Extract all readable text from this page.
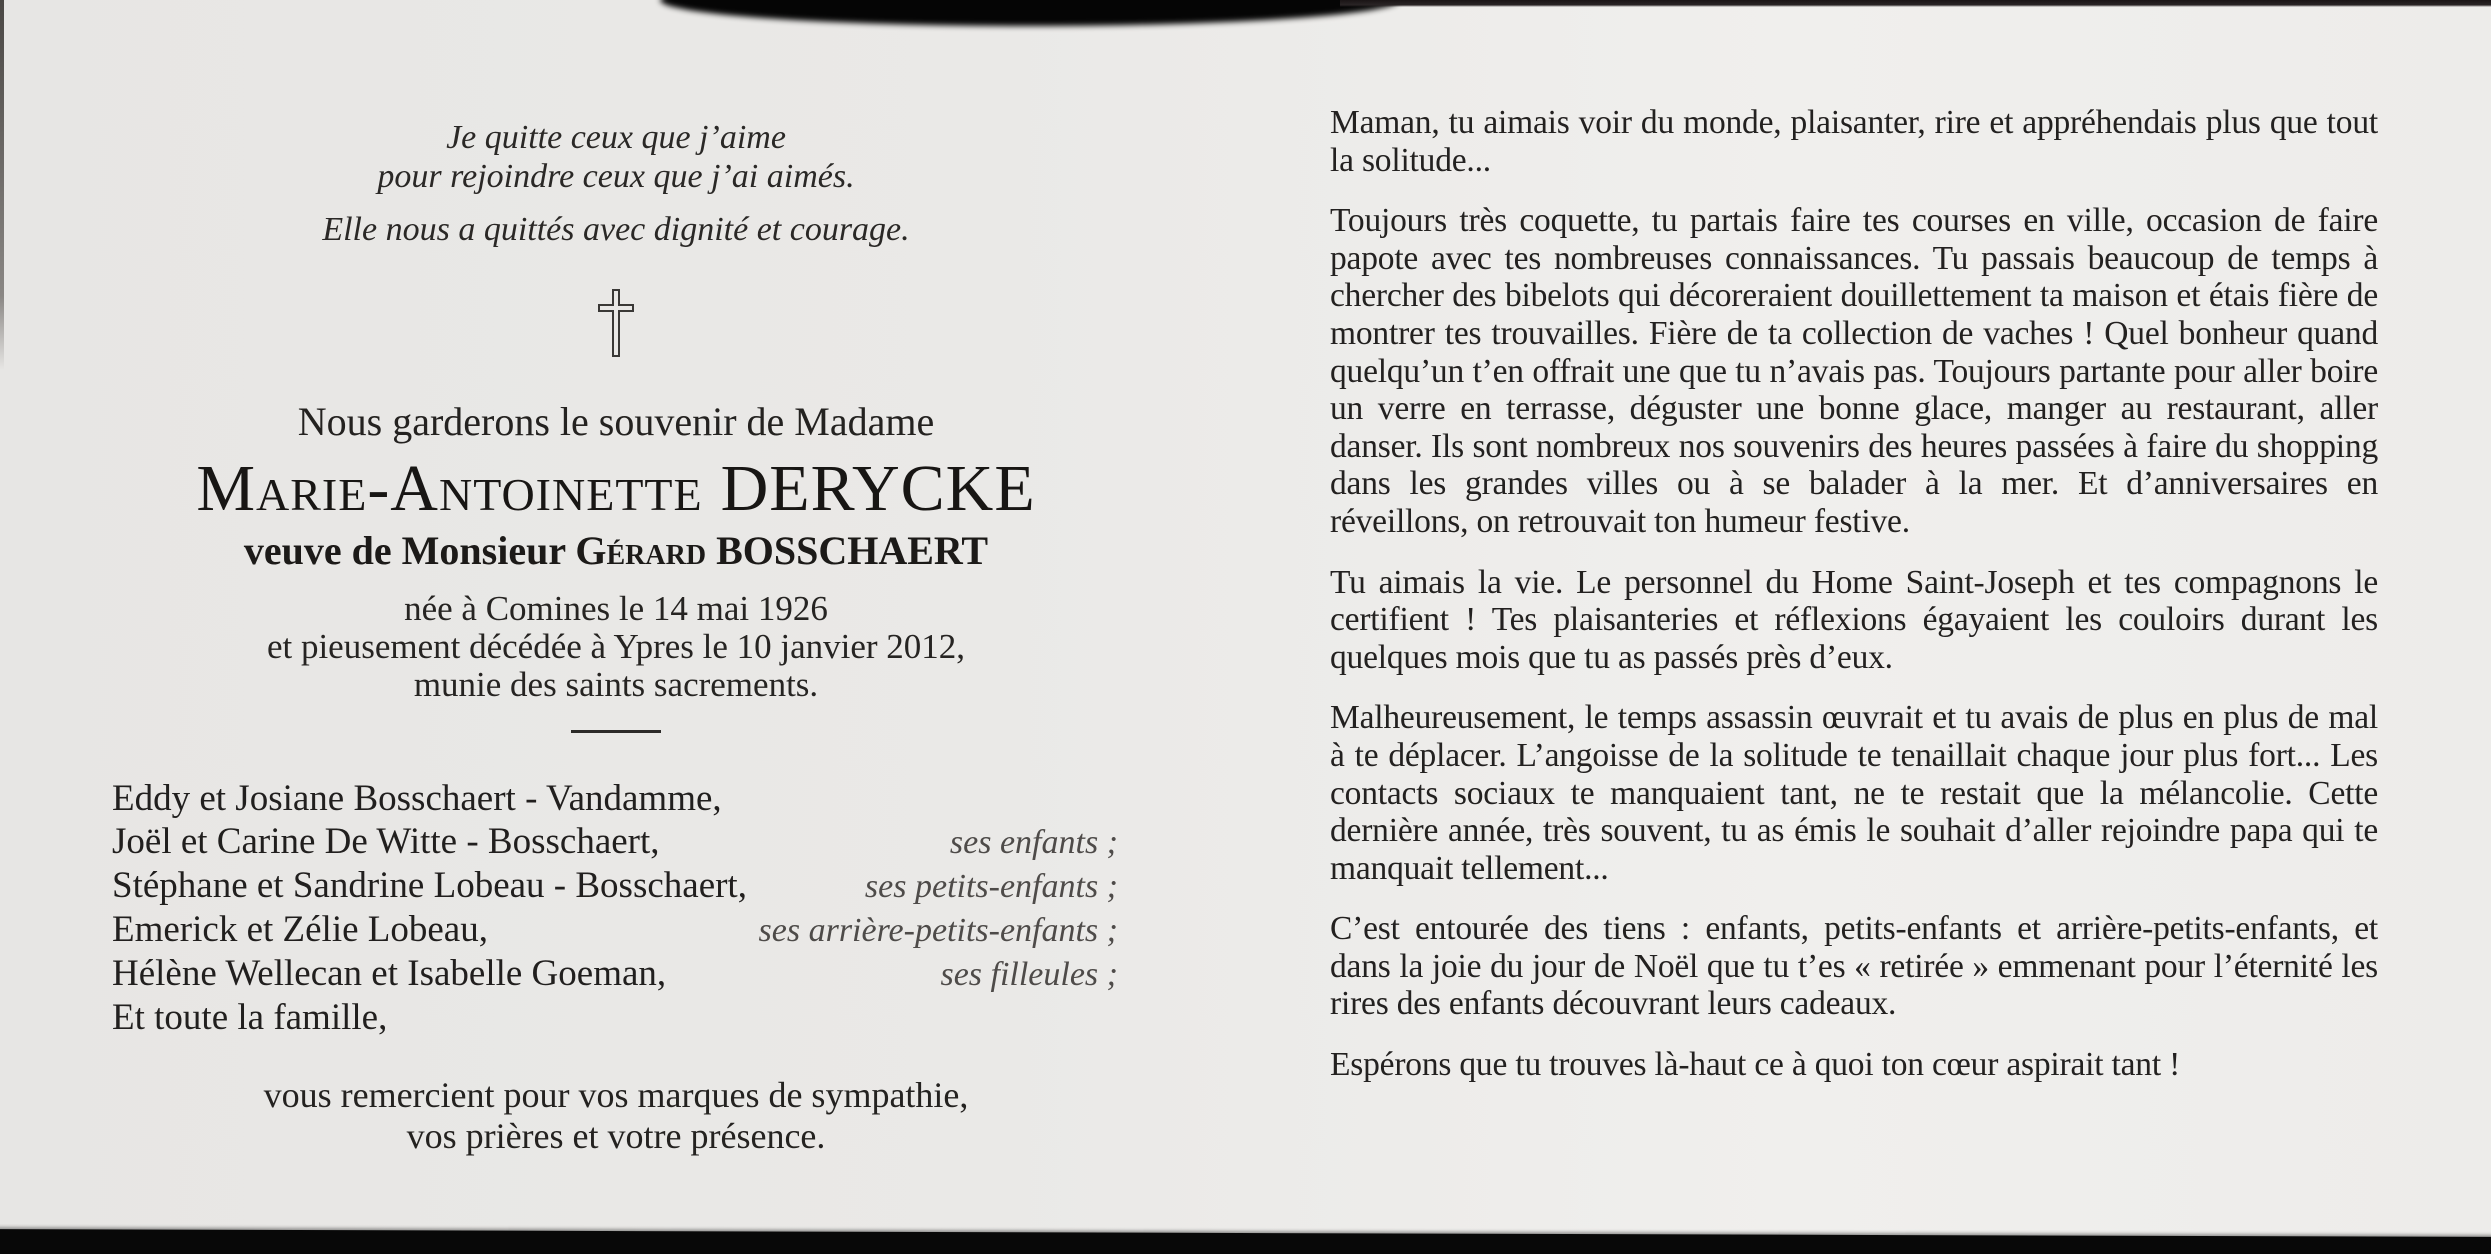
Je quitte ceux que j’aime
pour rejoindre ceux que j’ai aimés.
Elle nous a quittés avec dignité et courage.
Nous garderons le souvenir de Madame
Marie-Antoinette DERYCKE
veuve de Monsieur Gérard BOSSCHAERT
née à Comines le 14 mai 1926
et pieusement décédée à Ypres le 10 janvier 2012,
munie des saints sacrements.
Eddy et Josiane Bosschaert - Vandamme,
Joël et Carine De Witte - Bosschaert,	ses enfants ;
Stéphane et Sandrine Lobeau - Bosschaert,	ses petits-enfants ;
Emerick et Zélie Lobeau,	ses arrière-petits-enfants ;
Hélène Wellecan et Isabelle Goeman,	ses filleules ;
Et toute la famille,
vous remercient pour vos marques de sympathie,
vos prières et votre présence.

Maman, tu aimais voir du monde, plaisanter, rire et appréhendais plus que tout la solitude...

Toujours très coquette, tu partais faire tes courses en ville, occasion de faire papote avec tes nombreuses connaissances. Tu passais beaucoup de temps à chercher des bibelots qui décoreraient douillettement ta maison et étais fière de montrer tes trouvailles. Fière de ta collection de vaches ! Quel bonheur quand quelqu’un t’en offrait une que tu n’avais pas. Toujours partante pour aller boire un verre en terrasse, déguster une bonne glace, manger au restaurant, aller danser. Ils sont nombreux nos souvenirs des heures passées à faire du shopping dans les grandes villes ou à se balader à la mer. Et d’anniversaires en réveillons, on retrouvait ton humeur festive.

Tu aimais la vie. Le personnel du Home Saint-Joseph et tes compagnons le certifient ! Tes plaisanteries et réflexions égayaient les couloirs durant les quelques mois que tu as passés près d’eux.

Malheureusement, le temps assassin œuvrait et tu avais de plus en plus de mal à te déplacer. L’angoisse de la solitude te tenaillait chaque jour plus fort... Les contacts sociaux te manquaient tant, ne te restait que la mélancolie. Cette dernière année, très souvent, tu as émis le souhait d’aller rejoindre papa qui te manquait tellement...

C’est entourée des tiens : enfants, petits-enfants et arrière-petits-enfants, et dans la joie du jour de Noël que tu t’es « retirée » emmenant pour l’éternité les rires des enfants découvrant leurs cadeaux.

Espérons que tu trouves là-haut ce à quoi ton cœur aspirait tant !
